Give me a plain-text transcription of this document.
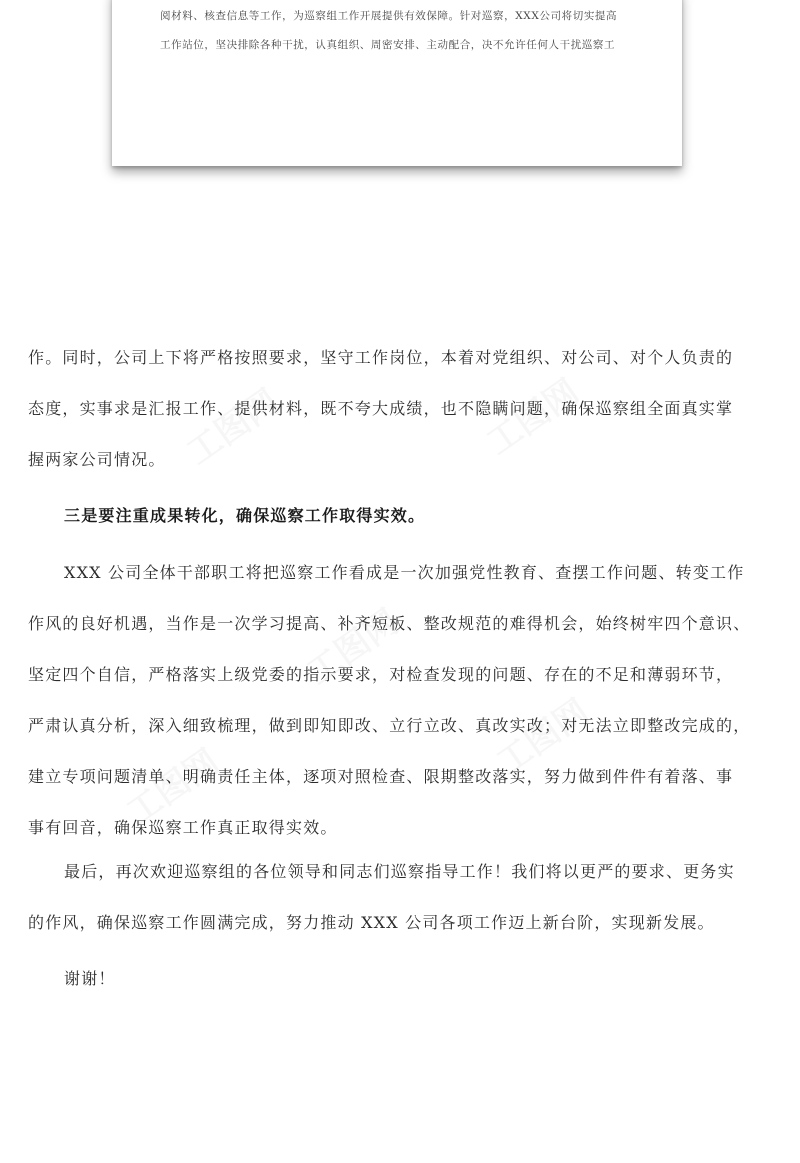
阅材料、核查信息等工作，为巡察组工作开展提供有效保障。针对巡察，XXX公司将切实提高
工作站位，坚决排除各种干扰，认真组织、周密安排、主动配合，决不允许任何人干扰巡察工
作。同时，公司上下将严格按照要求，坚守工作岗位，本着对党组织、对公司、对个人负责的
态度，实事求是汇报工作、提供材料，既不夸大成绩，也不隐瞒问题，确保巡察组全面真实掌
握两家公司情况。
三是要注重成果转化，确保巡察工作取得实效。
XXX 公司全体干部职工将把巡察工作看成是一次加强党性教育、查摆工作问题、转变工作
作风的良好机遇，当作是一次学习提高、补齐短板、整改规范的难得机会，始终树牢四个意识、
坚定四个自信，严格落实上级党委的指示要求，对检查发现的问题、存在的不足和薄弱环节，
严肃认真分析，深入细致梳理，做到即知即改、立行立改、真改实改；对无法立即整改完成的，
建立专项问题清单、明确责任主体，逐项对照检查、限期整改落实，努力做到件件有着落、事
事有回音，确保巡察工作真正取得实效。
最后，再次欢迎巡察组的各位领导和同志们巡察指导工作！我们将以更严的要求、更务实
的作风，确保巡察工作圆满完成，努力推动 XXX 公司各项工作迈上新台阶，实现新发展。
谢谢！
